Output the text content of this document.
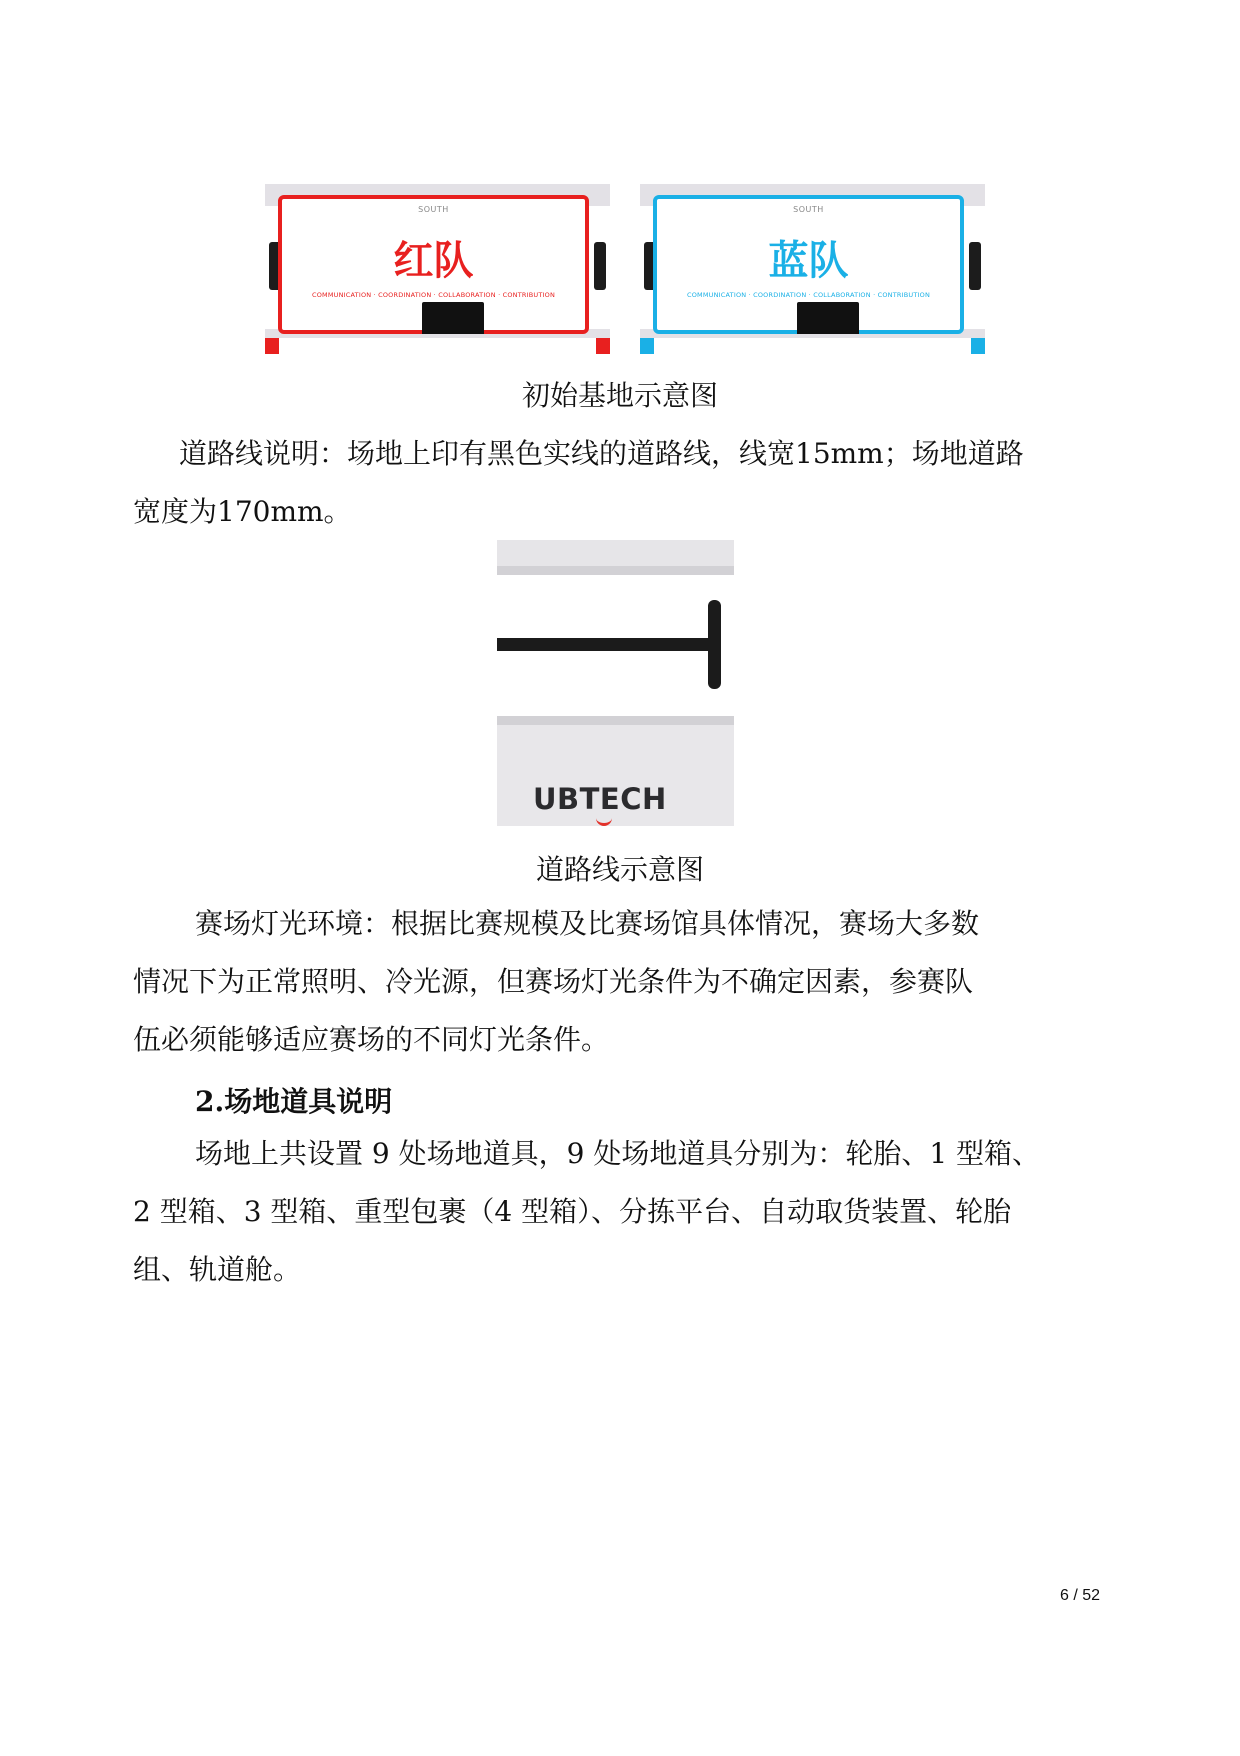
SOUTH
红队
COMMUNICATION · COORDINATION · COLLABORATION · CONTRIBUTION
SOUTH
蓝队
COMMUNICATION · COORDINATION · COLLABORATION · CONTRIBUTION
初始基地示意图
道路线说明：场地上印有黑色实线的道路线，线宽15mm；场地道路
宽度为170mm。
UBTECH
道路线示意图
赛场灯光环境：根据比赛规模及比赛场馆具体情况，赛场大多数
情况下为正常照明、冷光源，但赛场灯光条件为不确定因素，参赛队
伍必须能够适应赛场的不同灯光条件。
2.场地道具说明
场地上共设置 9 处场地道具，9 处场地道具分别为：轮胎、1 型箱、
2 型箱、3 型箱、重型包裹（4 型箱）、分拣平台、自动取货装置、轮胎
组、轨道舱。
6 / 52
